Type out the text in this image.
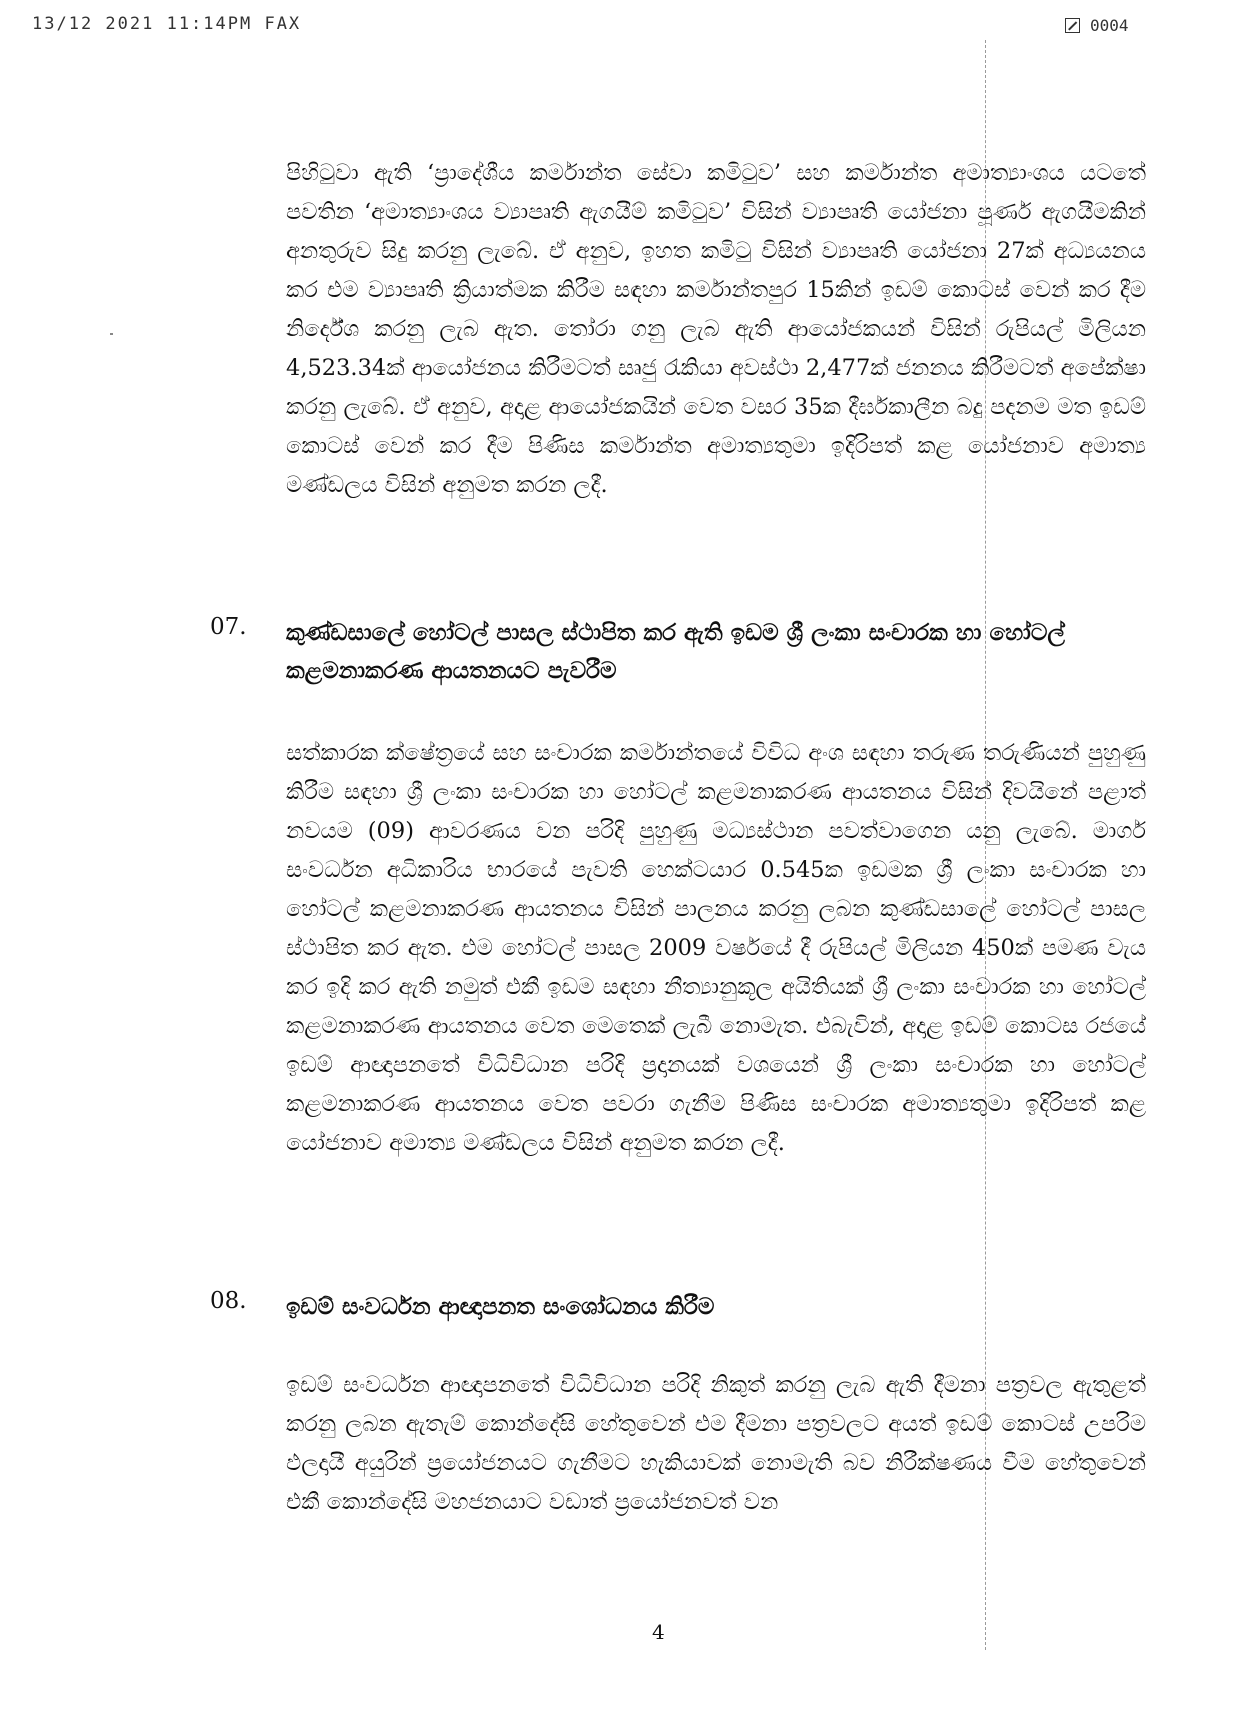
13/12 2021 11:14PM FAX	0004

පිහිටුවා ඇති ‘ප්‍රාදේශීය කර්මාන්ත සේවා කමිටුව’ සහ කර්මාන්ත අමාත්‍යාංශය යටතේ පවතින ‘අමාත්‍යාංශය ව්‍යාපෘති ඇගයීම් කමිටුව’ විසින් ව්‍යාපෘති යෝජනා පූර්ණ ඇගයීමකින් අනතුරුව සිදු කරනු ලැබේ. ඒ අනුව, ඉහත කමිටු විසින් ව්‍යාපෘති යෝජනා 27ක් අධ්‍යයනය කර එම ව්‍යාපෘති ක්‍රියාත්මක කිරීම සඳහා කර්මාන්තපුර 15කින් ඉඩම් කොටස් වෙන් කර දීම නිර්දේශ කරනු ලැබ ඇත. තෝරා ගනු ලැබ ඇති ආයෝජකයන් විසින් රුපියල් මිලියන 4,523.34ක් ආයෝජනය කිරීමටත් සෘජු රැකියා අවස්ථා 2,477ක් ජනනය කිරීමටත් අපේක්ෂා කරනු ලැබේ. ඒ අනුව, අදාළ ආයෝජකයින් වෙත වසර 35ක දීර්ඝකාලීන බදු පදනම මත ඉඩම් කොටස් වෙන් කර දීම පිණිස කර්මාන්ත අමාත්‍යතුමා ඉදිරිපත් කළ යෝජනාව අමාත්‍ය මණ්ඩලය විසින් අනුමත කරන ලදී.

07. කුණ්ඩසාලේ හෝටල් පාසල ස්ථාපිත කර ඇති ඉඩම ශ්‍රී ලංකා සංචාරක හා හෝටල් කළමනාකරණ ආයතනයට පැවරීම

සත්කාරක ක්ෂේත්‍රයේ සහ සංචාරක කර්මාන්තයේ විවිධ අංශ සඳහා තරුණ තරුණියන් පුහුණු කිරීම සඳහා ශ්‍රී ලංකා සංචාරක හා හෝටල් කළමනාකරණ ආයතනය විසින් දිවයිනේ පළාත් නවයම (09) ආවරණය වන පරිදි පුහුණු මධ්‍යස්ථාන පවත්වාගෙන යනු ලැබේ. මාර්ග සංවර්ධන අධිකාරිය භාරයේ පැවති හෙක්ටයාර 0.545ක ඉඩමක ශ්‍රී ලංකා සංචාරක හා හෝටල් කළමනාකරණ ආයතනය විසින් පාලනය කරනු ලබන කුණ්ඩසාලේ හෝටල් පාසල ස්ථාපිත කර ඇත. එම හෝටල් පාසල 2009 වර්ෂයේ දී රුපියල් මිලියන 450ක් පමණ වැය කර ඉදි කර ඇති නමුත් එකී ඉඩම සඳහා නීත්‍යානුකූල අයිතියක් ශ්‍රී ලංකා සංචාරක හා හෝටල් කළමනාකරණ ආයතනය වෙත මෙතෙක් ලැබී නොමැත. එබැවින්, අදාළ ඉඩම් කොටස රජයේ ඉඩම් ආඥාපනතේ විධිවිධාන පරිදි ප්‍රදානයක් වශයෙන් ශ්‍රී ලංකා සංචාරක හා හෝටල් කළමනාකරණ ආයතනය වෙත පවරා ගැනීම පිණිස සංචාරක අමාත්‍යතුමා ඉදිරිපත් කළ යෝජනාව අමාත්‍ය මණ්ඩලය විසින් අනුමත කරන ලදී.

08. ඉඩම් සංවර්ධන ආඥාපනත සංශෝධනය කිරීම

ඉඩම් සංවර්ධන ආඥාපනතේ විධිවිධාන පරිදි නිකුත් කරනු ලැබ ඇති දීමනා පත්‍රවල ඇතුළත් කරනු ලබන ඇතැම් කොන්දේසි හේතුවෙන් එම දීමනා පත්‍රවලට අයත් ඉඩම් කොටස් උපරිම ඵලදායී අයුරින් ප්‍රයෝජනයට ගැනීමට හැකියාවක් නොමැති බව නිරීක්ෂණය වීම හේතුවෙන් එකී කොන්දේසි මහජනයාට වඩාත් ප්‍රයෝජනවත් වන

4
